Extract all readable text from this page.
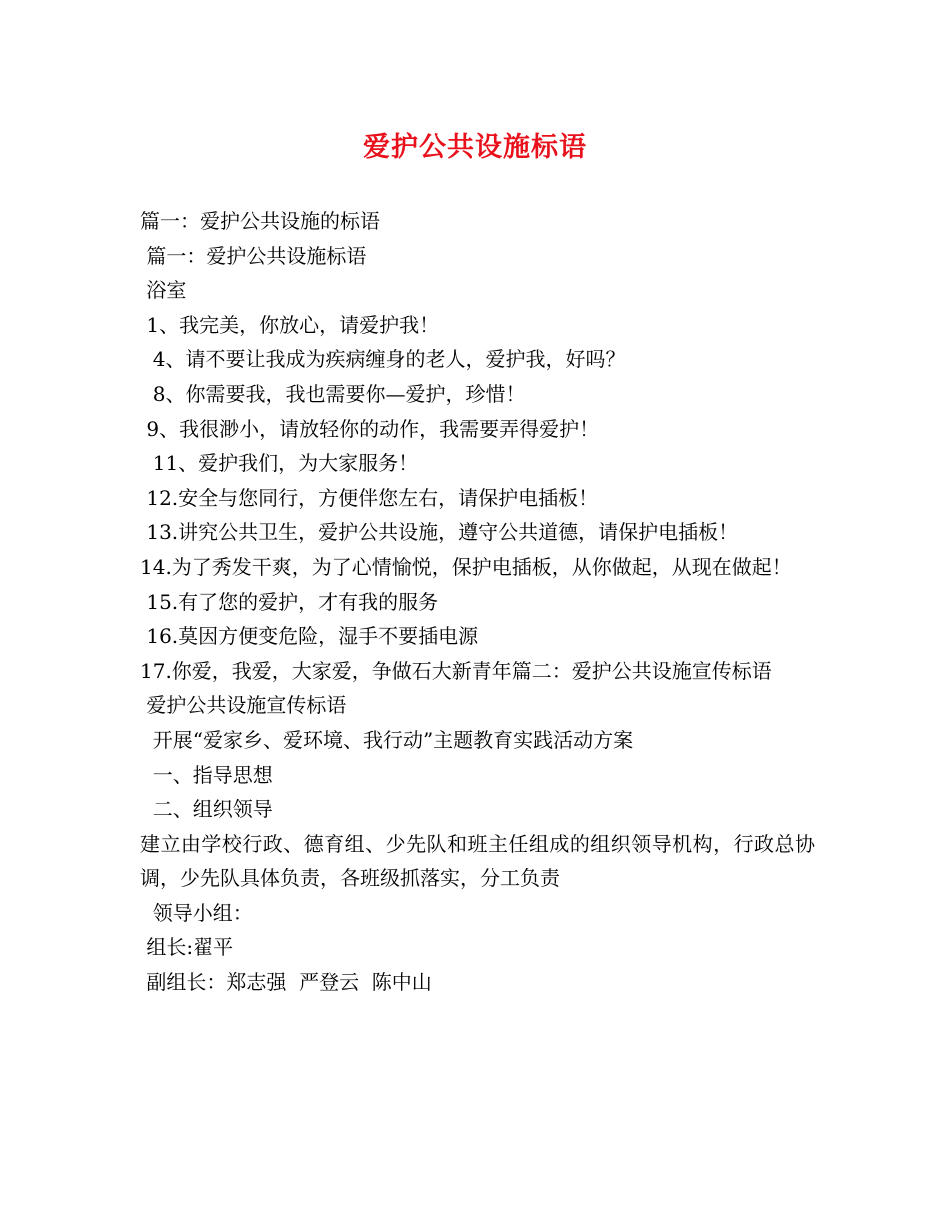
爱护公共设施标语
篇一：爱护公共设施的标语
篇一：爱护公共设施标语
浴室
1、我完美，你放心，请爱护我！
4、请不要让我成为疾病缠身的老人，爱护我，好吗？
8、你需要我，我也需要你—爱护，珍惜！
9、我很渺小，请放轻你的动作，我需要弄得爱护！
11、爱护我们，为大家服务！
12.安全与您同行，方便伴您左右，请保护电插板！
13.讲究公共卫生，爱护公共设施，遵守公共道德，请保护电插板！
14.为了秀发干爽，为了心情愉悦，保护电插板，从你做起，从现在做起！
15.有了您的爱护，才有我的服务
16.莫因方便变危险，湿手不要插电源
17.你爱，我爱，大家爱，争做石大新青年篇二：爱护公共设施宣传标语
爱护公共设施宣传标语
开展“爱家乡、爱环境、我行动”主题教育实践活动方案
一、指导思想
二、组织领导
建立由学校行政、德育组、少先队和班主任组成的组织领导机构，行政总协调，少先队具体负责，各班级抓落实，分工负责
领导小组：
组长:翟平
副组长：郑志强  严登云  陈中山
